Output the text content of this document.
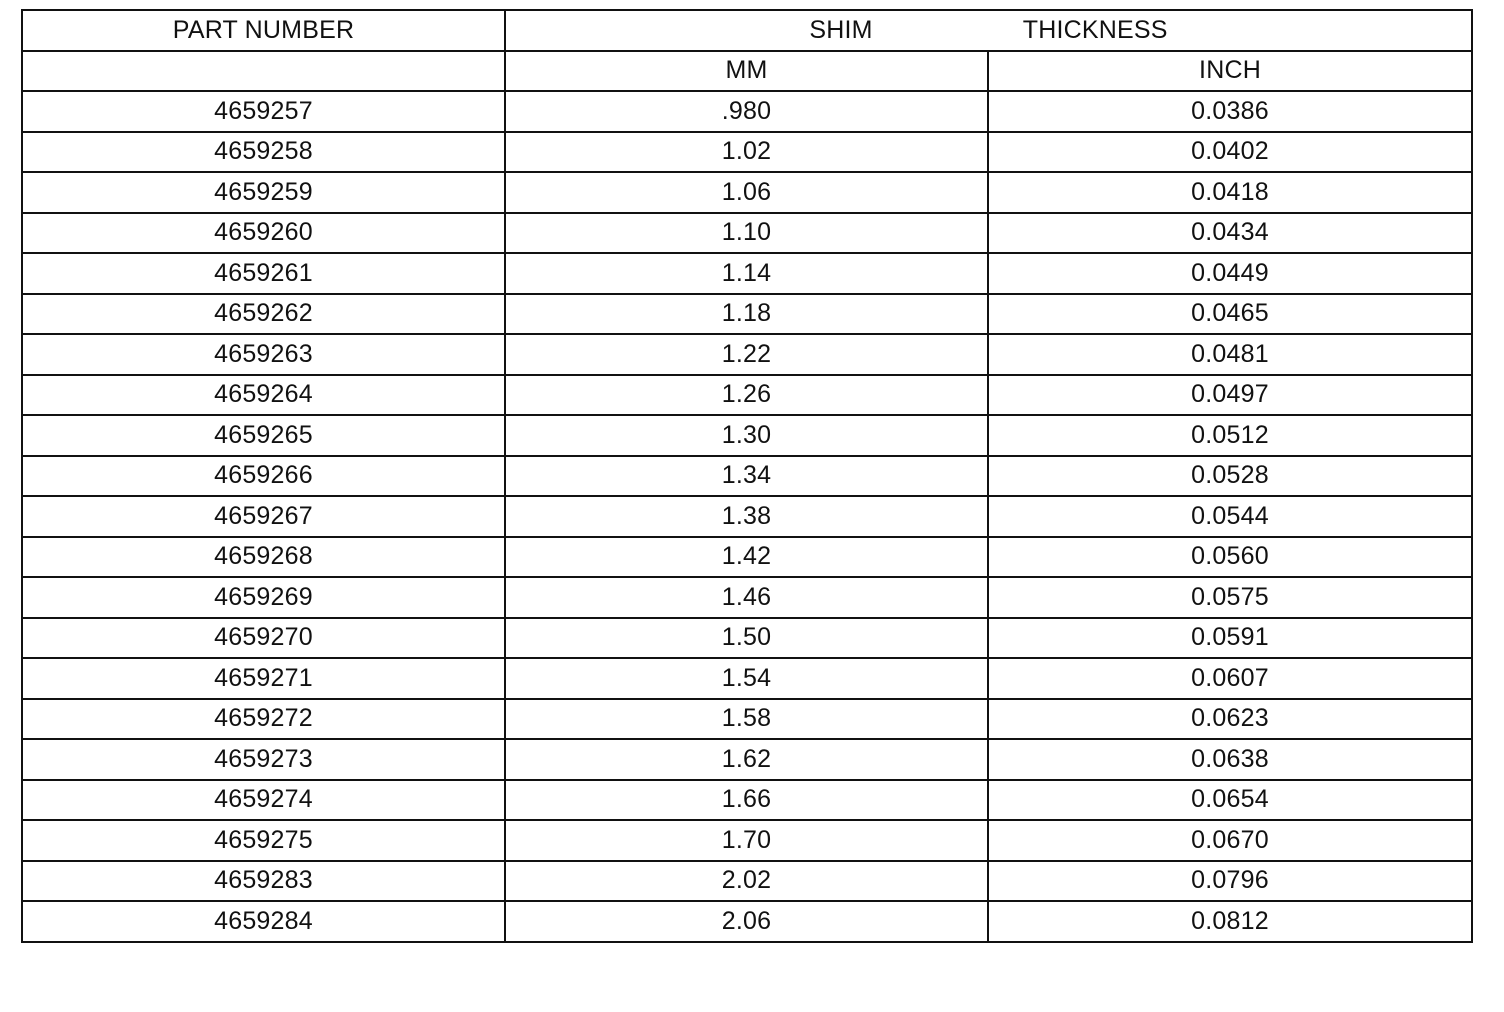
PART NUMBER	SHIM THICKNESS	
	MM	INCH
4659257	.980	0.0386
4659258	1.02	0.0402
4659259	1.06	0.0418
4659260	1.10	0.0434
4659261	1.14	0.0449
4659262	1.18	0.0465
4659263	1.22	0.0481
4659264	1.26	0.0497
4659265	1.30	0.0512
4659266	1.34	0.0528
4659267	1.38	0.0544
4659268	1.42	0.0560
4659269	1.46	0.0575
4659270	1.50	0.0591
4659271	1.54	0.0607
4659272	1.58	0.0623
4659273	1.62	0.0638
4659274	1.66	0.0654
4659275	1.70	0.0670
4659283	2.02	0.0796
4659284	2.06	0.0812
